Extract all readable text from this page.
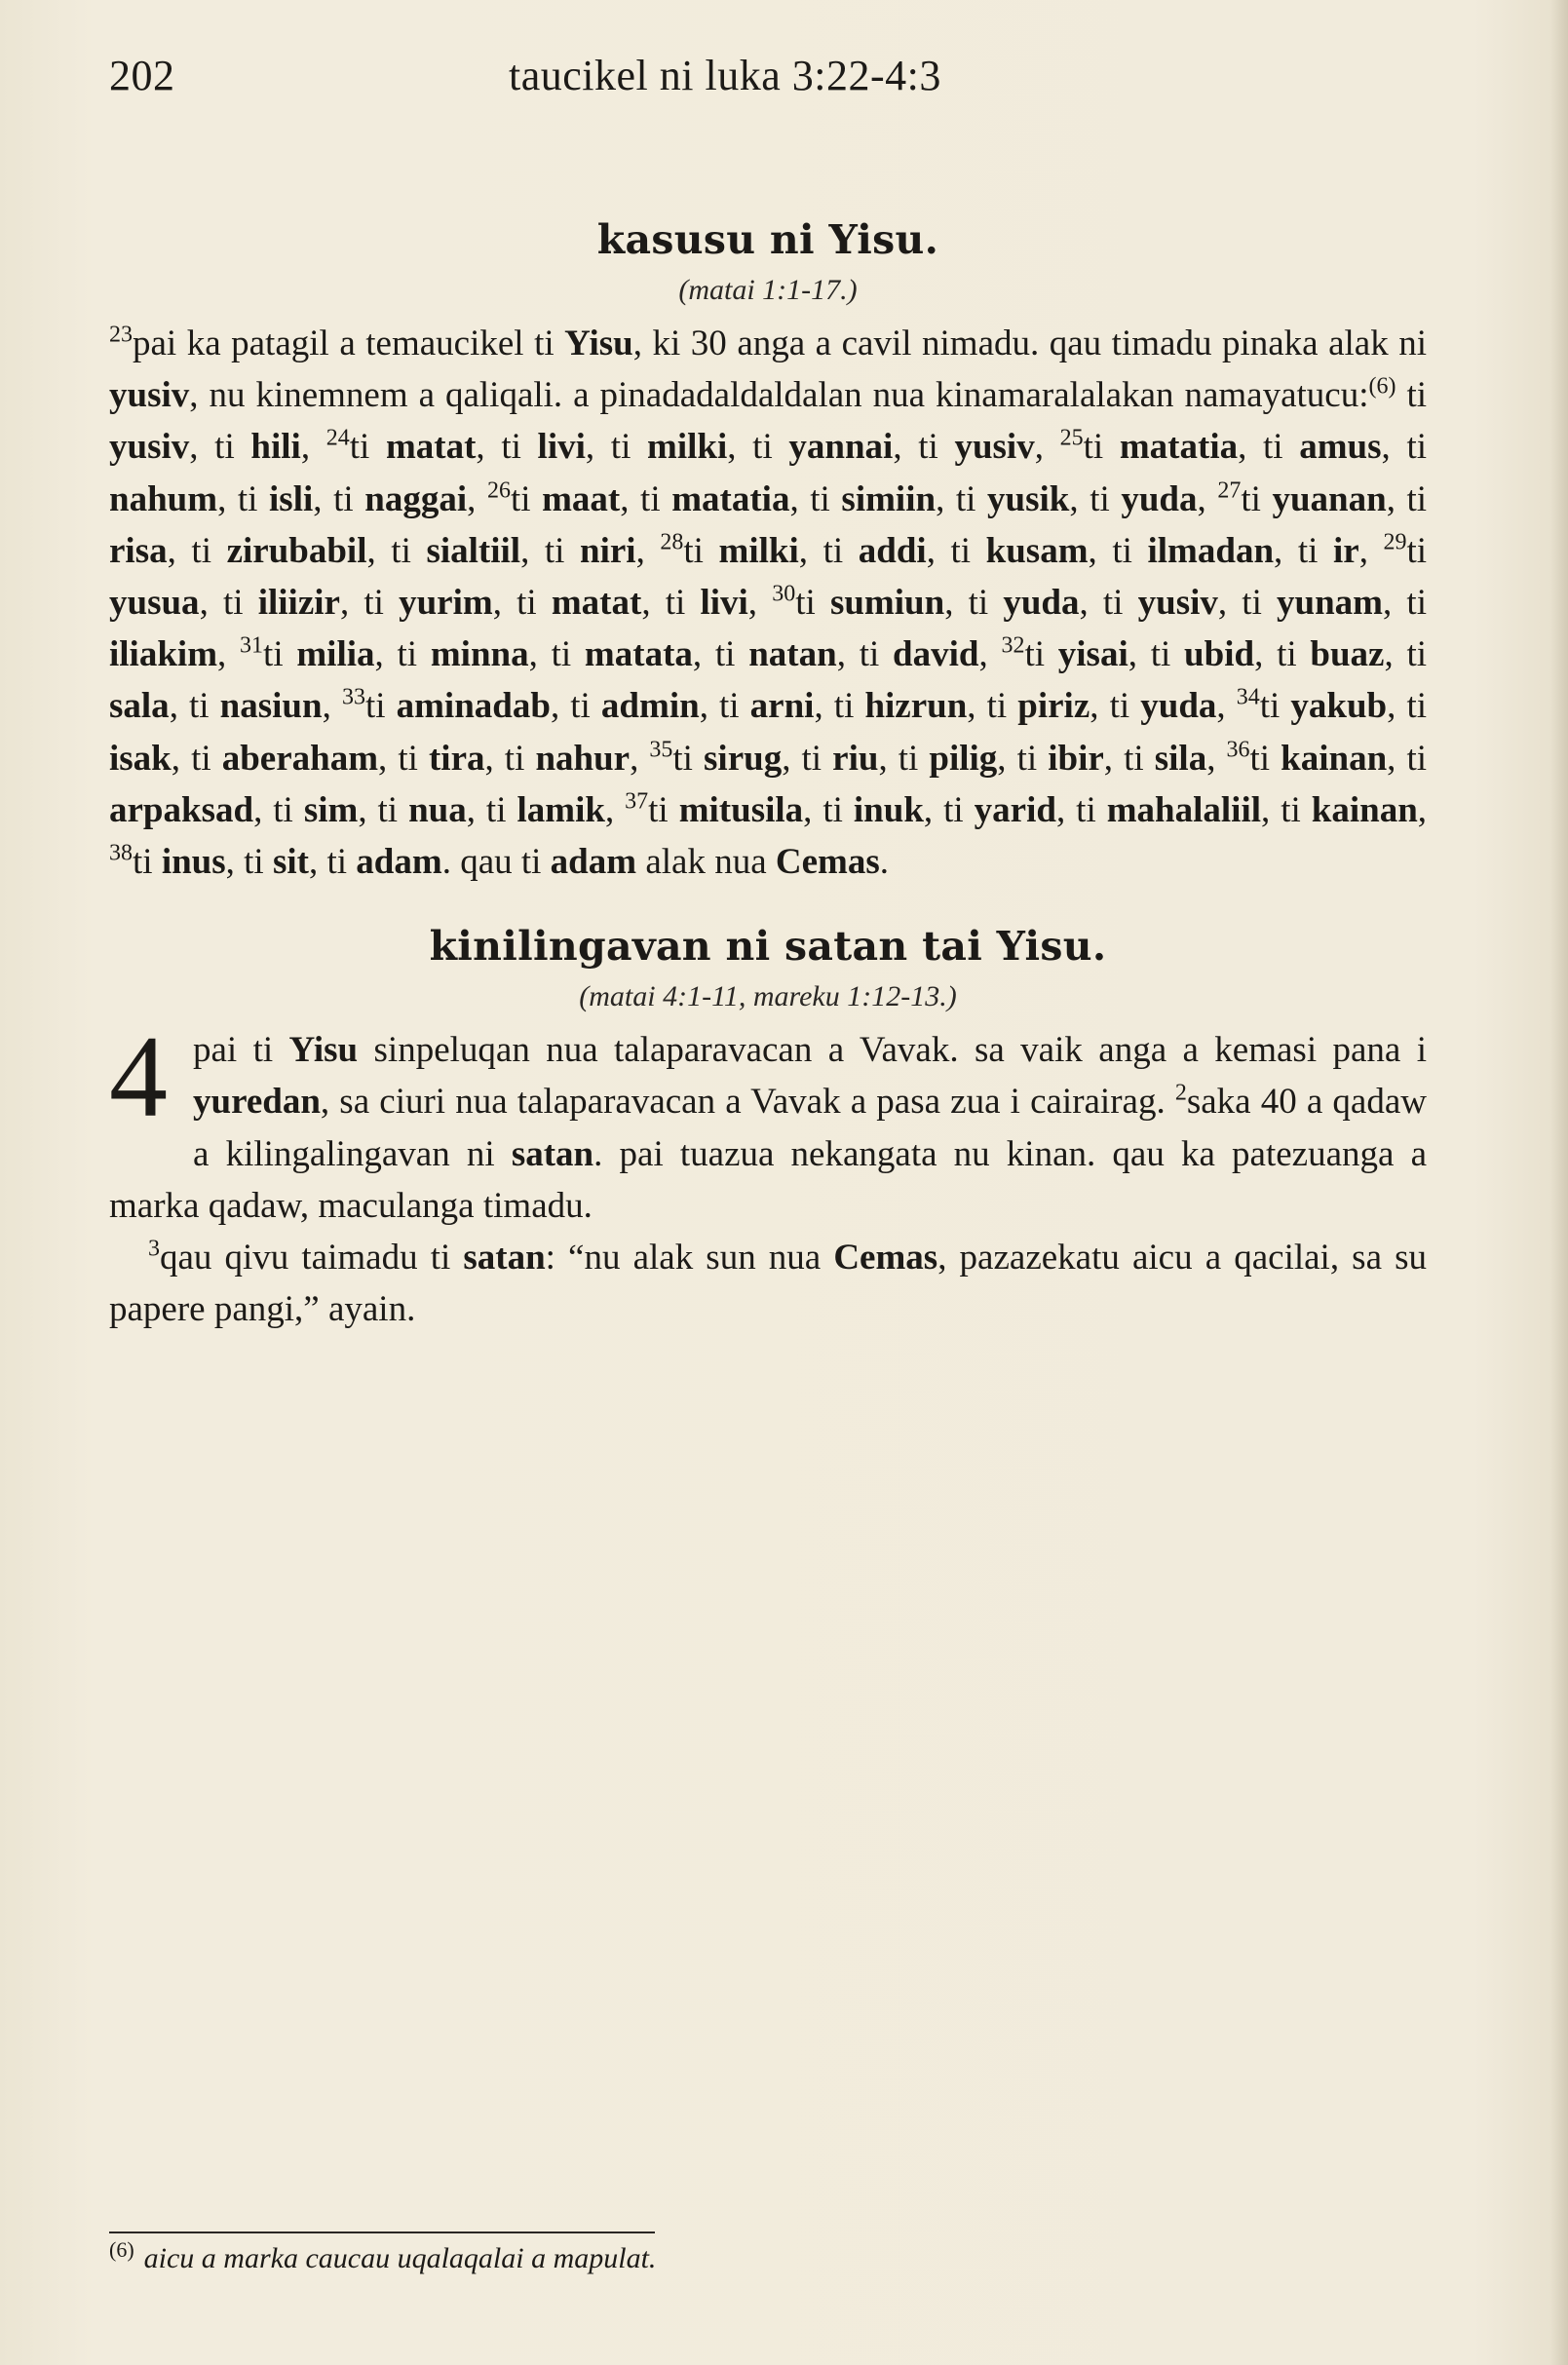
202	taucikel ni luka 3:22-4:3
kasusu ni Yisu.
(matai 1:1-17.)

$^{23}$pai ka patagil a temaucikel ti Yisu, ki 30 anga a cavil nimadu. qau timadu pinaka alak ni yusiv, nu kinemnem a qaliqali. a pinadadaldaldalan nua kinamaralalakan namayatucu:$^{(6)}$ ti yusiv, ti hili, $^{24}$ti matat, ti livi, ti milki, ti yannai, ti yusiv, $^{25}$ti matatia, ti amus, ti nahum, ti isli, ti naggai, $^{26}$ti maat, ti matatia, ti simiin, ti yusik, ti yuda, $^{27}$ti yuanan, ti risa, ti zirubabil, ti sialtiil, ti niri, $^{28}$ti milki, ti addi, ti kusam, ti ilmadan, ti ir, $^{29}$ti yusua, ti iliizir, ti yurim, ti matat, ti livi, $^{30}$ti sumiun, ti yuda, ti yusiv, ti yunam, ti iliakim, $^{31}$ti milia, ti minna, ti matata, ti natan, ti david, $^{32}$ti yisai, ti ubid, ti buaz, ti sala, ti nasiun, $^{33}$ti aminadab, ti admin, ti arni, ti hizrun, ti piriz, ti yuda, $^{34}$ti yakub, ti isak, ti aberaham, ti tira, ti nahur, $^{35}$ti sirug, ti riu, ti pilig, ti ibir, ti sila, $^{36}$ti kainan, ti arpaksad, ti sim, ti nua, ti lamik, $^{37}$ti mitusila, ti inuk, ti yarid, ti mahalaliil, ti kainan, $^{38}$ti inus, ti sit, ti adam. qau ti adam alak nua Cemas.

kinilingavan ni satan tai Yisu.
(matai 4:1-11, mareku 1:12-13.)
4 pai ti Yisu sinpeluqan nua talaparavacan a Vavak. sa vaik anga a kemasi pana i yuredan, sa ciuri nua talaparavacan a Vavak a pasa zua i cairairag. $^2$saka 40 a qadaw a kilingalingavan ni satan. pai tuazua nekangata nu kinan. qau ka patezuanga a marka qadaw, maculanga timadu.

$^3$qau qivu taimadu ti satan: “nu alak sun nua Cemas, pazazekatu aicu a qacilai, sa su papere pangi,” ayain.

$^{(6)}$ aicu a marka caucau uqalaqalai a mapulat.
